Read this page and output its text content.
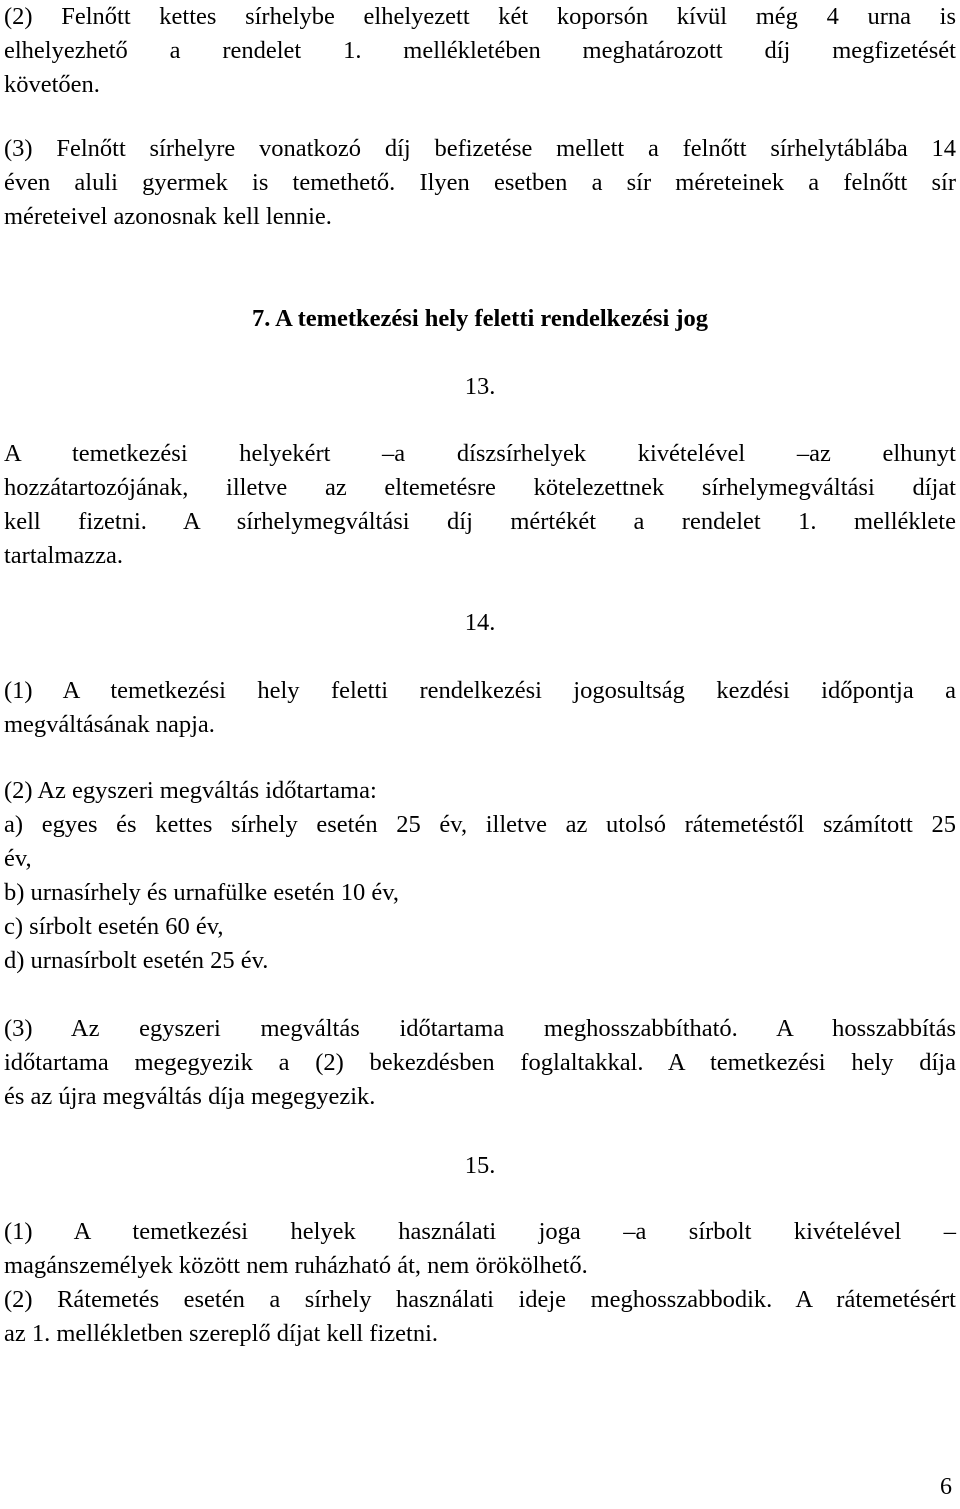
(2) Felnőtt kettes sírhelybe elhelyezett két koporsón kívül még 4 urna is
elhelyezhető a rendelet 1. mellékletében meghatározott díj megfizetését
követően.
(3) Felnőtt sírhelyre vonatkozó díj befizetése mellett a felnőtt sírhelytáblába 14
éven aluli gyermek is temethető. Ilyen esetben a sír méreteinek a felnőtt sír
méreteivel azonosnak kell lennie.
7. A temetkezési hely feletti rendelkezési jog
13.
A temetkezési helyekért –a díszsírhelyek kivételével –az elhunyt
hozzátartozójának, illetve az eltemetésre kötelezettnek sírhelymegváltási díjat
kell fizetni. A sírhelymegváltási díj mértékét a rendelet 1. melléklete
tartalmazza.
14.
(1) A temetkezési hely feletti rendelkezési jogosultság kezdési időpontja a
megváltásának napja.
(2) Az egyszeri megváltás időtartama:
a) egyes és kettes sírhely esetén 25 év, illetve az utolsó rátemetéstől számított 25
év,
b) urnasírhely és urnafülke esetén 10 év,
c) sírbolt esetén 60 év,
d) urnasírbolt esetén 25 év.
(3) Az egyszeri megváltás időtartama meghosszabbítható. A hosszabbítás
időtartama megegyezik a (2) bekezdésben foglaltakkal. A temetkezési hely díja
és az újra megváltás díja megegyezik.
15.
(1) A temetkezési helyek használati joga –a sírbolt kivételével –
magánszemélyek között nem ruházható át, nem örökölhető.
(2) Rátemetés esetén a sírhely használati ideje meghosszabbodik. A rátemetésért
az 1. mellékletben szereplő díjat kell fizetni.
6
